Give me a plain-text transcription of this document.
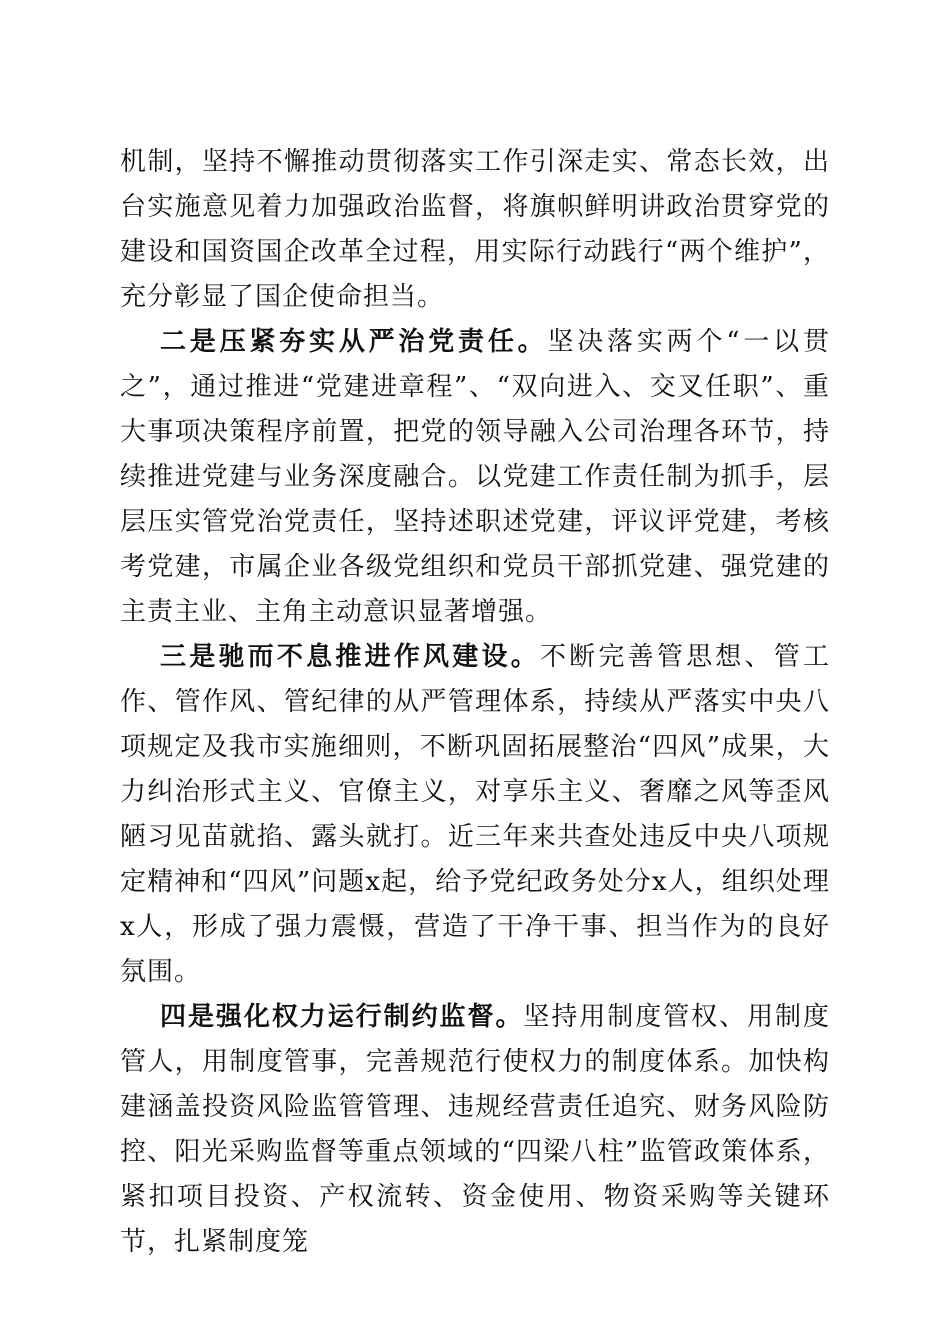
机制，坚持不懈推动贯彻落实工作引深走实、常态长效，出台实施意见着力加强政治监督，将旗帜鲜明讲政治贯穿党的建设和国资国企改革全过程，用实际行动践行“两个维护”，充分彰显了国企使命担当。

二是压紧夯实从严治党责任。坚决落实两个“一以贯之”，通过推进“党建进章程”、“双向进入、交叉任职”、重大事项决策程序前置，把党的领导融入公司治理各环节，持续推进党建与业务深度融合。以党建工作责任制为抓手，层层压实管党治党责任，坚持述职述党建，评议评党建，考核考党建，市属企业各级党组织和党员干部抓党建、强党建的主责主业、主角主动意识显著增强。

三是驰而不息推进作风建设。不断完善管思想、管工作、管作风、管纪律的从严管理体系，持续从严落实中央八项规定及我市实施细则，不断巩固拓展整治“四风”成果，大力纠治形式主义、官僚主义，对享乐主义、奢靡之风等歪风陋习见苗就掐、露头就打。近三年来共查处违反中央八项规定精神和“四风”问题x起，给予党纪政务处分x人，组织处理x人，形成了强力震慑，营造了干净干事、担当作为的良好氛围。

四是强化权力运行制约监督。坚持用制度管权、用制度管人，用制度管事，完善规范行使权力的制度体系。加快构建涵盖投资风险监管管理、违规经营责任追究、财务风险防控、阳光采购监督等重点领域的“四梁八柱”监管政策体系，紧扣项目投资、产权流转、资金使用、物资采购等关键环节，扎紧制度笼
